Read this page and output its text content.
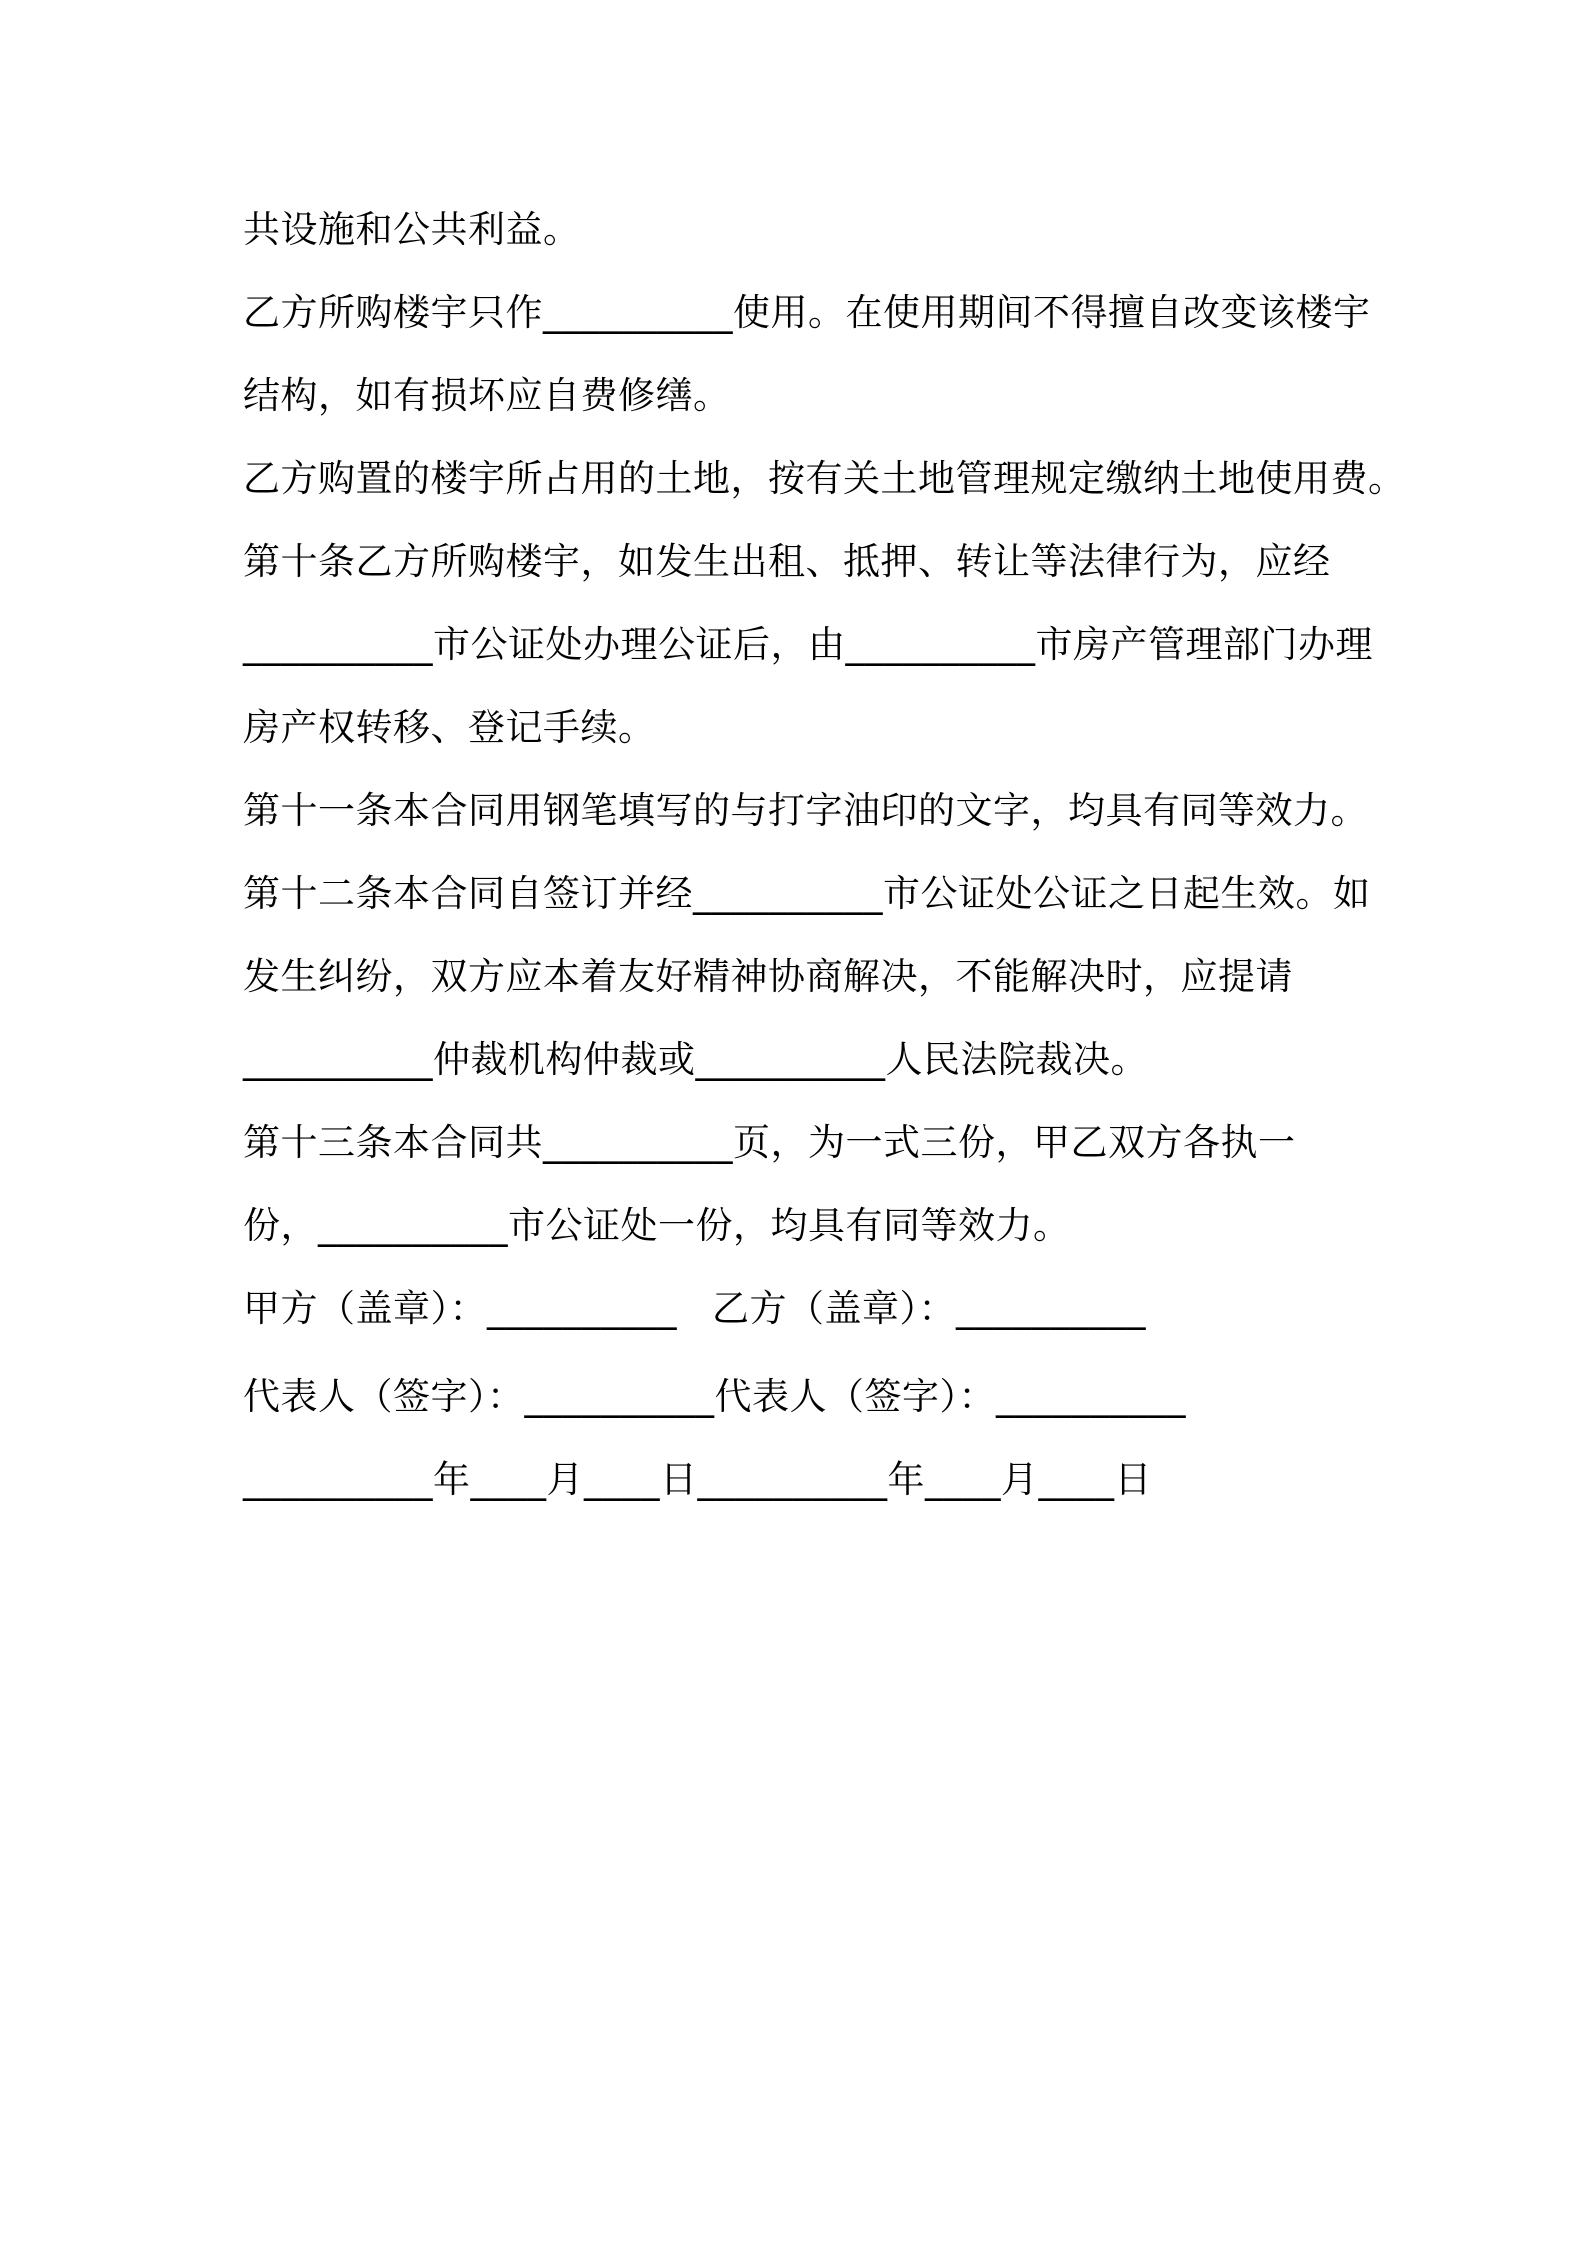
共设施和公共利益。
乙方所购楼宇只作__________使用。在使用期间不得擅自改变该楼宇
结构，如有损坏应自费修缮。
乙方购置的楼宇所占用的土地，按有关土地管理规定缴纳土地使用费。
第十条乙方所购楼宇，如发生出租、抵押、转让等法律行为，应经
__________市公证处办理公证后，由__________市房产管理部门办理
房产权转移、登记手续。
第十一条本合同用钢笔填写的与打字油印的文字，均具有同等效力。
第十二条本合同自签订并经__________市公证处公证之日起生效。如
发生纠纷，双方应本着友好精神协商解决，不能解决时，应提请
__________仲裁机构仲裁或__________人民法院裁决。
第十三条本合同共__________页，为一式三份，甲乙双方各执一
份，__________市公证处一份，均具有同等效力。
甲方（盖章）：__________ 乙方（盖章）：__________
代表人（签字）：__________代表人（签字）：__________
__________年____月____日__________年____月____日
